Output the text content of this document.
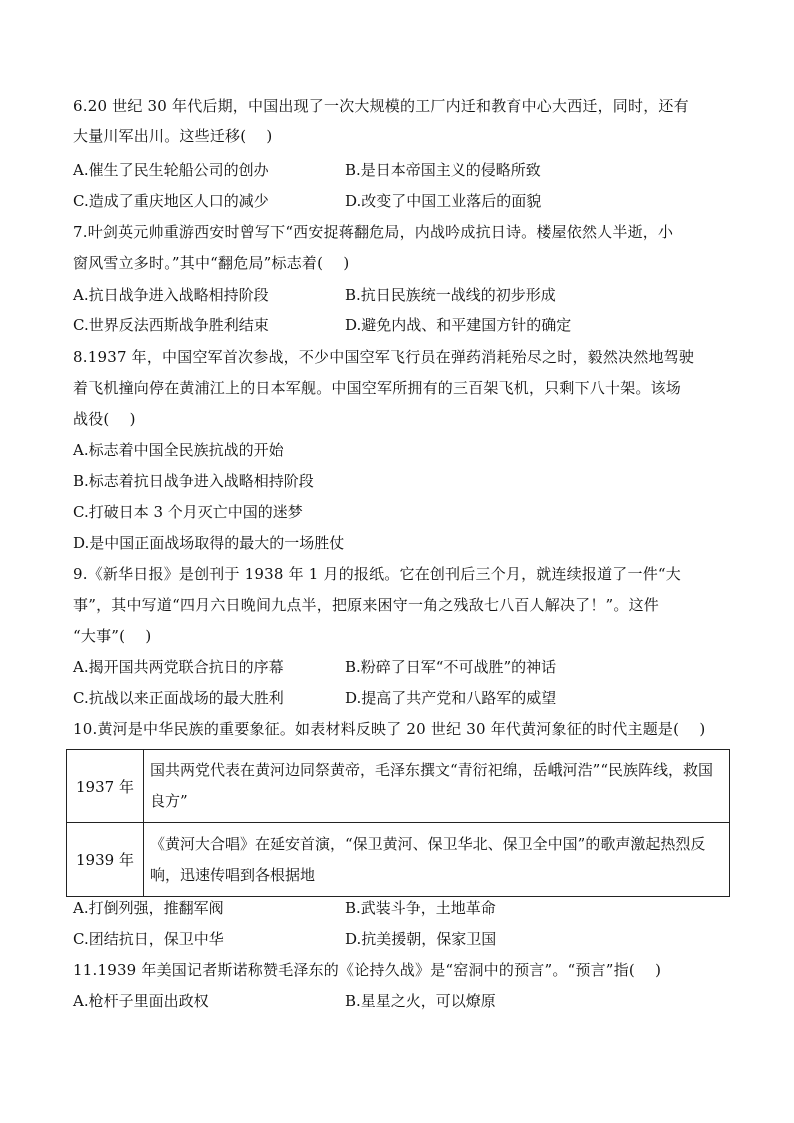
6.20 世纪 30 年代后期，中国出现了一次大规模的工厂内迁和教育中心大西迁，同时，还有
大量川军出川。这些迁移(　 )
A.催生了民生轮船公司的创办	B.是日本帝国主义的侵略所致
C.造成了重庆地区人口的减少	D.改变了中国工业落后的面貌
7.叶剑英元帅重游西安时曾写下“西安捉蒋翻危局，内战吟成抗日诗。楼屋依然人半逝，小
窗风雪立多时。”其中“翻危局”标志着(　 )
A.抗日战争进入战略相持阶段	B.抗日民族统一战线的初步形成
C.世界反法西斯战争胜利结束	D.避免内战、和平建国方针的确定
8.1937 年，中国空军首次参战，不少中国空军飞行员在弹药消耗殆尽之时，毅然决然地驾驶
着飞机撞向停在黄浦江上的日本军舰。中国空军所拥有的三百架飞机，只剩下八十架。该场
战役(　 )
A.标志着中国全民族抗战的开始
B.标志着抗日战争进入战略相持阶段
C.打破日本 3 个月灭亡中国的迷梦
D.是中国正面战场取得的最大的一场胜仗
9.《新华日报》是创刊于 1938 年 1 月的报纸。它在创刊后三个月，就连续报道了一件“大
事”，其中写道“四月六日晚间九点半，把原来困守一角之残敌七八百人解决了！”。这件
“大事”(　 )
A.揭开国共两党联合抗日的序幕	B.粉碎了日军“不可战胜”的神话
C.抗战以来正面战场的最大胜利	D.提高了共产党和八路军的威望
10.黄河是中华民族的重要象征。如表材料反映了 20 世纪 30 年代黄河象征的时代主题是(　 )
1937 年	国共两党代表在黄河边同祭黄帝，毛泽东撰文“青衍祀绵，岳峨河浩”“民族阵线，救国良方”
1939 年	《黄河大合唱》在延安首演，“保卫黄河、保卫华北、保卫全中国”的歌声激起热烈反响，迅速传唱到各根据地
A.打倒列强，推翻军阀	B.武装斗争，土地革命
C.团结抗日，保卫中华	D.抗美援朝，保家卫国
11.1939 年美国记者斯诺称赞毛泽东的《论持久战》是“窑洞中的预言”。“预言”指(　 )
A.枪杆子里面出政权	B.星星之火，可以燎原
